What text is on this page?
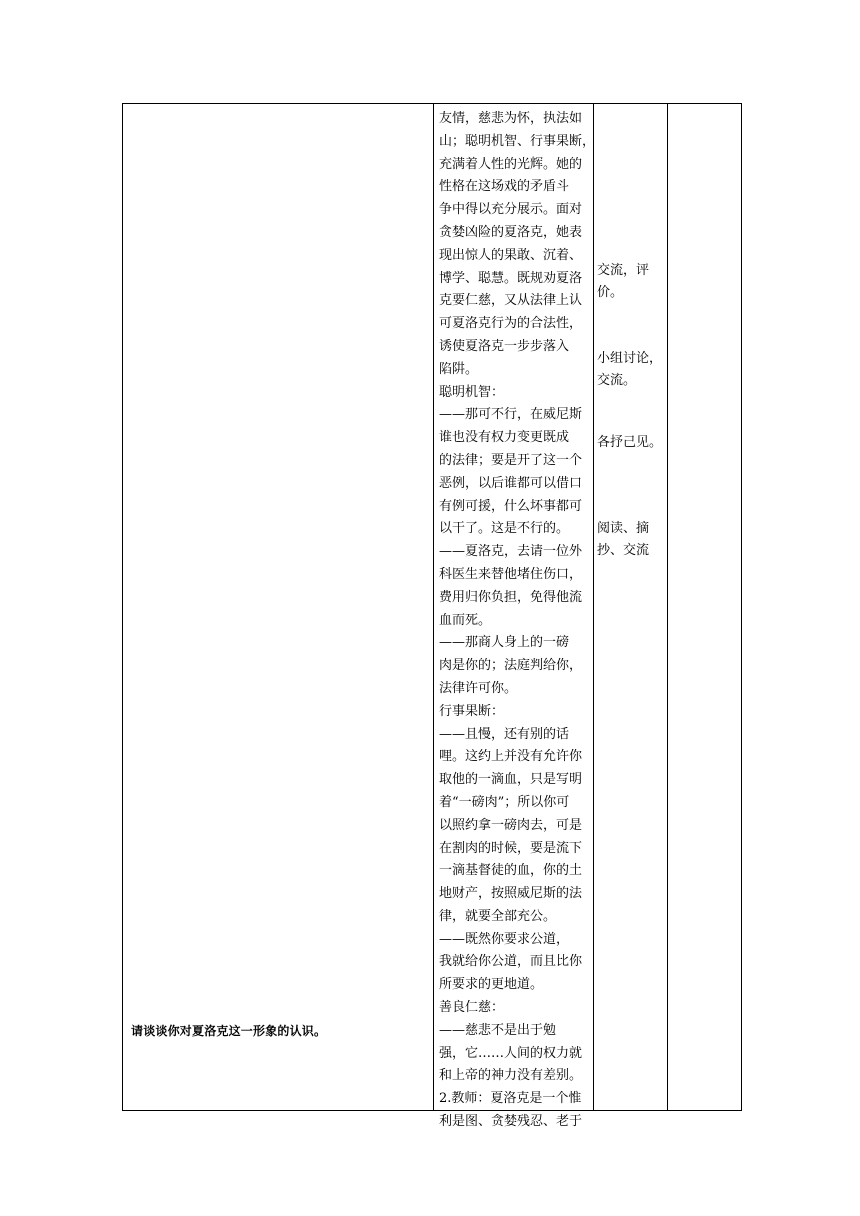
请谈谈你对夏洛克这一形象的认识。
友情，慈悲为怀，执法如
山；聪明机智、行事果断，
充满着人性的光辉。她的
性格在这场戏的矛盾斗
争中得以充分展示。面对
贪婪凶险的夏洛克，她表
现出惊人的果敢、沉着、
博学、聪慧。既规劝夏洛
克要仁慈，又从法律上认
可夏洛克行为的合法性，
诱使夏洛克一步步落入
陷阱。
聪明机智：
——那可不行，在威尼斯
谁也没有权力变更既成
的法律；要是开了这一个
恶例，以后谁都可以借口
有例可援，什么坏事都可
以干了。这是不行的。
——夏洛克，去请一位外
科医生来替他堵住伤口，
费用归你负担，免得他流
血而死。
——那商人身上的一磅
肉是你的；法庭判给你，
法律许可你。
行事果断：
——且慢，还有别的话
哩。这约上并没有允许你
取他的一滴血，只是写明
着“一磅肉”；所以你可
以照约拿一磅肉去，可是
在割肉的时候，要是流下
一滴基督徒的血，你的土
地财产，按照威尼斯的法
律，就要全部充公。
——既然你要求公道，
我就给你公道，而且比你
所要求的更地道。
善良仁慈：
——慈悲不是出于勉
强，它……人间的权力就
和上帝的神力没有差别。
2.教师：夏洛克是一个惟
利是图、贪婪残忍、老于
交流，评
价。
小组讨论，
交流。
各抒己见。
阅读、摘
抄、交流
